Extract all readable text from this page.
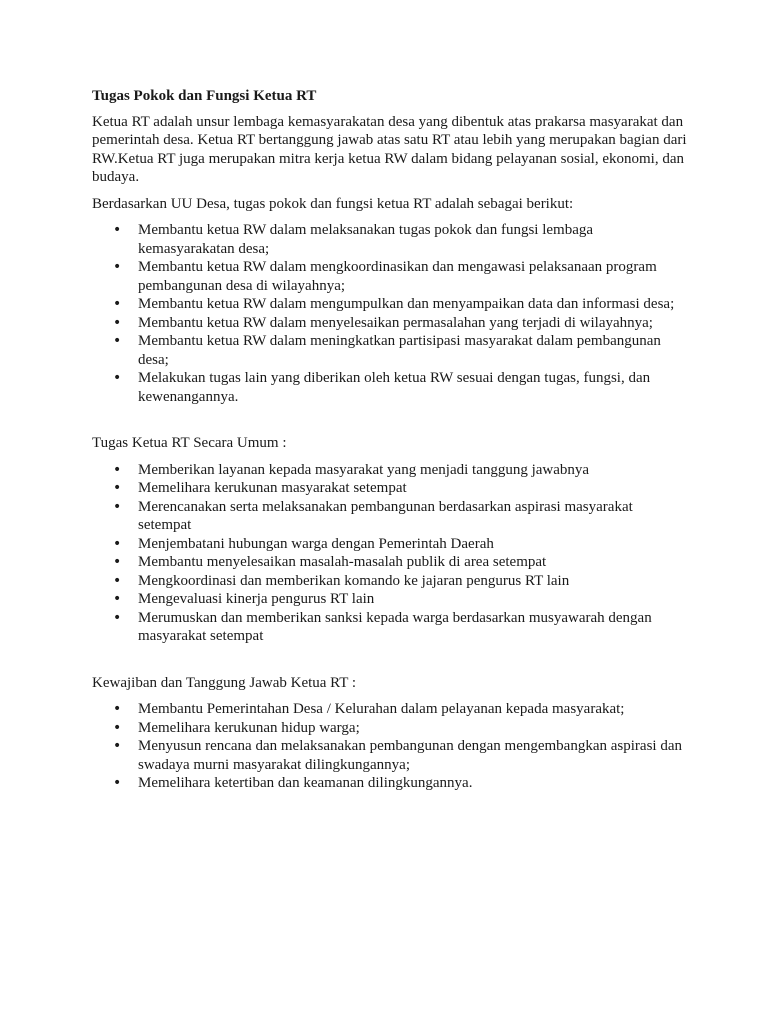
Tugas Pokok dan Fungsi Ketua RT

Ketua RT adalah unsur lembaga kemasyarakatan desa yang dibentuk atas prakarsa masyarakat dan pemerintah desa. Ketua RT bertanggung jawab atas satu RT atau lebih yang merupakan bagian dari RW.Ketua RT juga merupakan mitra kerja ketua RW dalam bidang pelayanan sosial, ekonomi, dan budaya.

Berdasarkan UU Desa, tugas pokok dan fungsi ketua RT adalah sebagai berikut:

• Membantu ketua RW dalam melaksanakan tugas pokok dan fungsi lembaga kemasyarakatan desa;
• Membantu ketua RW dalam mengkoordinasikan dan mengawasi pelaksanaan program pembangunan desa di wilayahnya;
• Membantu ketua RW dalam mengumpulkan dan menyampaikan data dan informasi desa;
• Membantu ketua RW dalam menyelesaikan permasalahan yang terjadi di wilayahnya;
• Membantu ketua RW dalam meningkatkan partisipasi masyarakat dalam pembangunan desa;
• Melakukan tugas lain yang diberikan oleh ketua RW sesuai dengan tugas, fungsi, dan kewenangannya.

Tugas Ketua RT Secara Umum :

• Memberikan layanan kepada masyarakat yang menjadi tanggung jawabnya
• Memelihara kerukunan masyarakat setempat
• Merencanakan serta melaksanakan pembangunan berdasarkan aspirasi masyarakat setempat
• Menjembatani hubungan warga dengan Pemerintah Daerah
• Membantu menyelesaikan masalah-masalah publik di area setempat
• Mengkoordinasi dan memberikan komando ke jajaran pengurus RT lain
• Mengevaluasi kinerja pengurus RT lain
• Merumuskan dan memberikan sanksi kepada warga berdasarkan musyawarah dengan masyarakat setempat

Kewajiban dan Tanggung Jawab Ketua RT :

• Membantu Pemerintahan Desa / Kelurahan dalam pelayanan kepada masyarakat;
• Memelihara kerukunan hidup warga;
• Menyusun rencana dan melaksanakan pembangunan dengan mengembangkan aspirasi dan swadaya murni masyarakat dilingkungannya;
• Memelihara ketertiban dan keamanan dilingkungannya.
